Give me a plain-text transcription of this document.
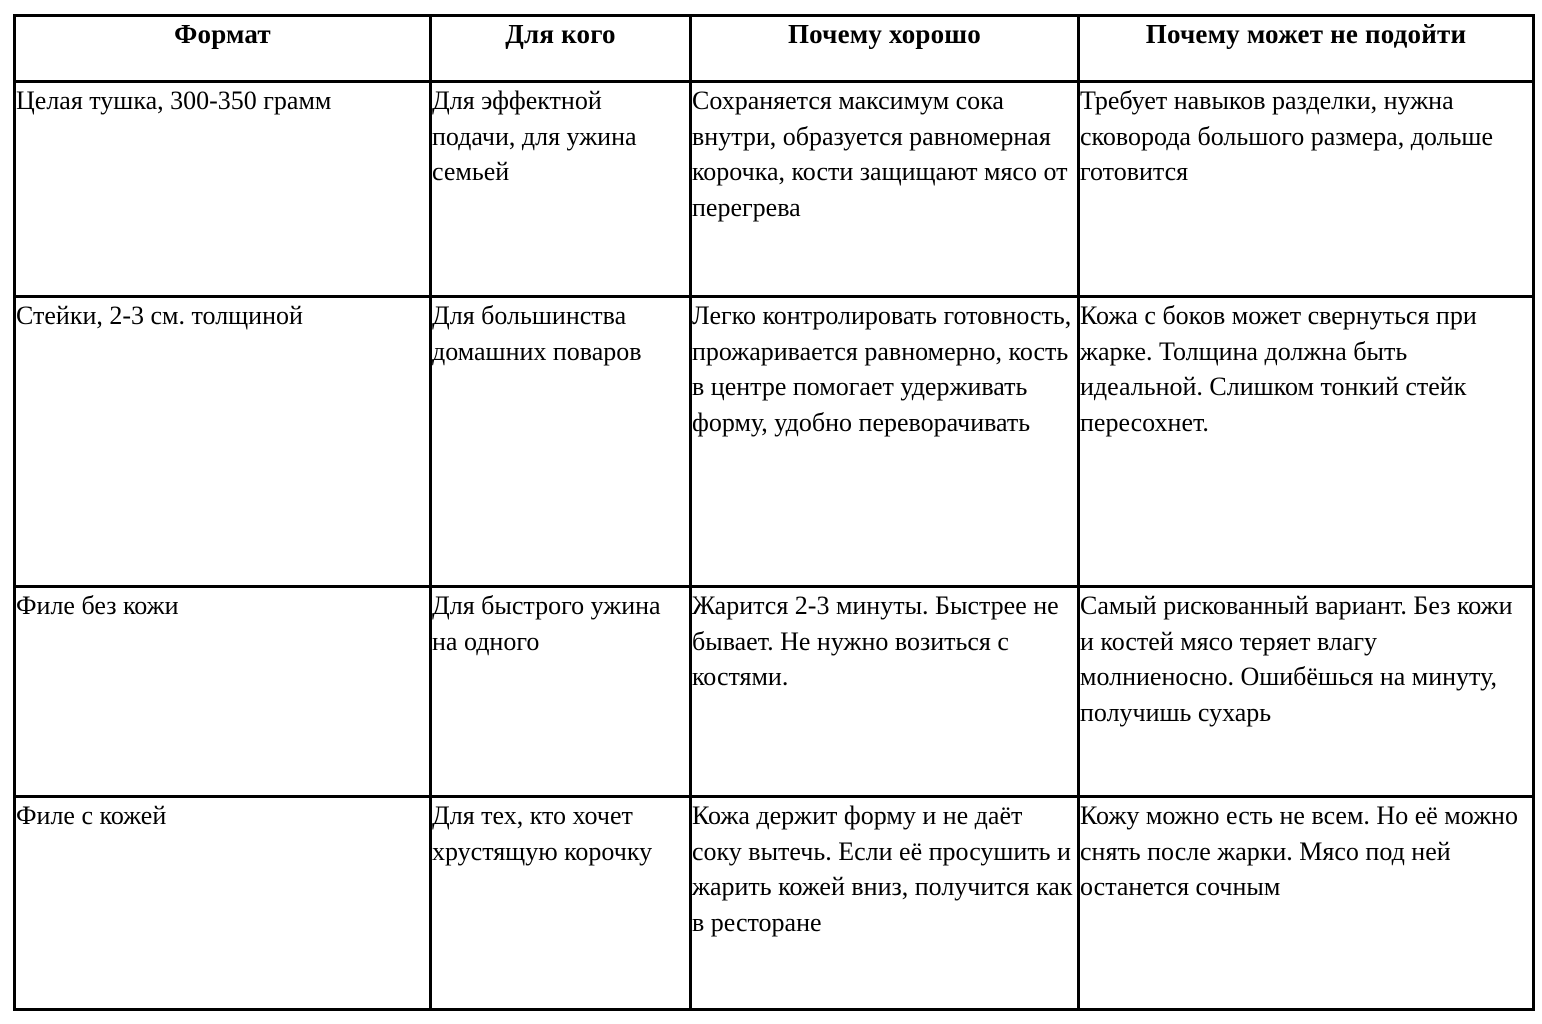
Формат	Для кого	Почему хорошо	Почему может не подойти

Целая тушка, 300-350 грамм	Для эффектной подачи, для ужина семьей	Сохраняется максимум сока внутри, образуется равномерная корочка, кости защищают мясо от перегрева	Требует навыков разделки, нужна сковорода большого размера, дольше готовится

Стейки, 2-3 см. толщиной	Для большинства домашних поваров	Легко контролировать готовность, прожаривается равномерно, кость в центре помогает удерживать форму, удобно переворачивать	Кожа с боков может свернуться при жарке. Толщина должна быть идеальной. Слишком тонкий стейк пересохнет.

Филе без кожи	Для быстрого ужина на одного	Жарится 2-3 минуты. Быстрее не бывает. Не нужно возиться с костями.	Самый рискованный вариант. Без кожи и костей мясо теряет влагу молниеносно. Ошибёшься на минуту, получишь сухарь

Филе с кожей	Для тех, кто хочет хрустящую корочку	Кожа держит форму и не даёт соку вытечь. Если её просушить и жарить кожей вниз, получится как в ресторане	Кожу можно есть не всем. Но её можно снять после жарки. Мясо под ней останется сочным
